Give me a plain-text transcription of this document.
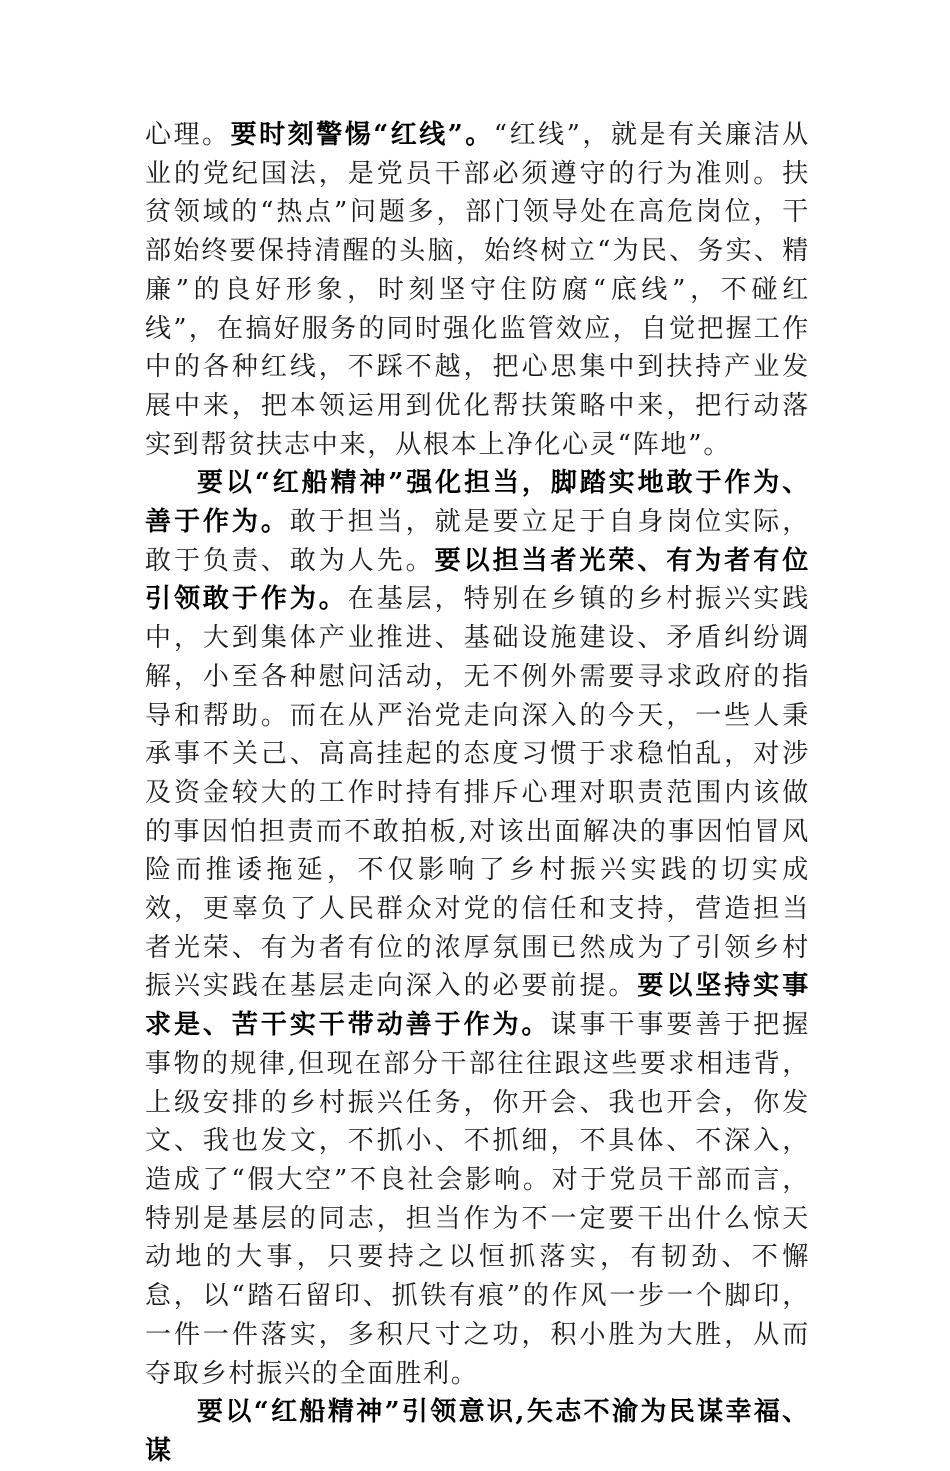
心理。要时刻警惕“红线”。“红线”，就是有关廉洁从业的党纪国法，是党员干部必须遵守的行为准则。扶贫领域的“热点”问题多，部门领导处在高危岗位，干部始终要保持清醒的头脑，始终树立“为民、务实、精廉”的良好形象，时刻坚守住防腐“底线”，不碰红线”，在搞好服务的同时强化监管效应，自觉把握工作中的各种红线，不踩不越，把心思集中到扶持产业发展中来，把本领运用到优化帮扶策略中来，把行动落实到帮贫扶志中来，从根本上净化心灵“阵地”。

要以“红船精神”强化担当，脚踏实地敢于作为、善于作为。敢于担当，就是要立足于自身岗位实际，敢于负责、敢为人先。要以担当者光荣、有为者有位引领敢于作为。在基层，特别在乡镇的乡村振兴实践中，大到集体产业推进、基础设施建设、矛盾纠纷调解，小至各种慰问活动，无不例外需要寻求政府的指导和帮助。而在从严治党走向深入的今天，一些人秉承事不关己、高高挂起的态度习惯于求稳怕乱，对涉及资金较大的工作时持有排斥心理对职责范围内该做的事因怕担责而不敢拍板,对该出面解决的事因怕冒风险而推诿拖延，不仅影响了乡村振兴实践的切实成效，更辜负了人民群众对党的信任和支持，营造担当者光荣、有为者有位的浓厚氛围已然成为了引领乡村振兴实践在基层走向深入的必要前提。要以坚持实事求是、苦干实干带动善于作为。谋事干事要善于把握事物的规律,但现在部分干部往往跟这些要求相违背，上级安排的乡村振兴任务，你开会、我也开会，你发文、我也发文，不抓小、不抓细，不具体、不深入，造成了“假大空”不良社会影响。对于党员干部而言，特别是基层的同志，担当作为不一定要干出什么惊天动地的大事，只要持之以恒抓落实，有韧劲、不懈怠，以“踏石留印、抓铁有痕”的作风一步一个脚印，一件一件落实，多积尺寸之功，积小胜为大胜，从而夺取乡村振兴的全面胜利。

要以“红船精神”引领意识,矢志不渝为民谋幸福、谋
